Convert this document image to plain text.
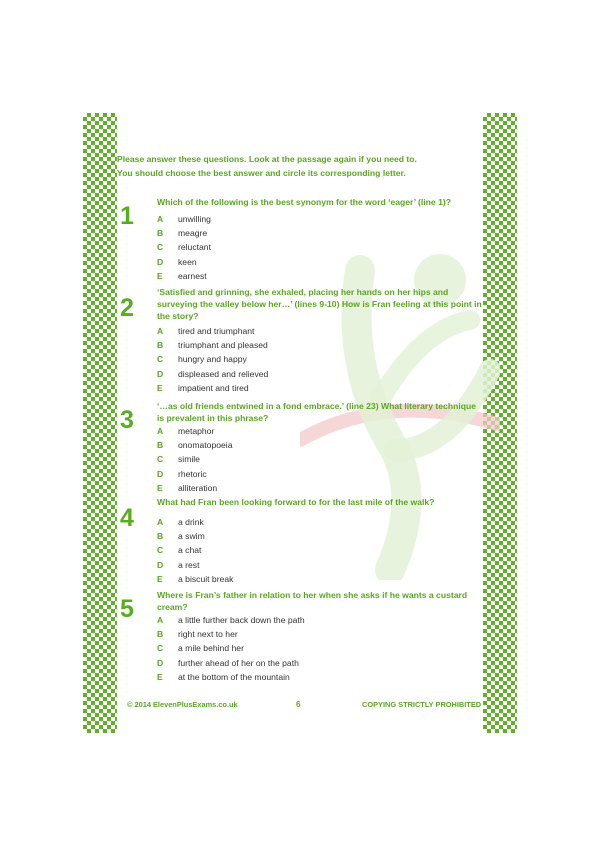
Please answer these questions. Look at the passage again if you need to.
You should choose the best answer and circle its corresponding letter.
1	Which of the following is the best synonym for the word ‘eager’ (line 1)?
A	unwilling
B	meagre
C	reluctant
D	keen
E	earnest
2
‘Satisfied and grinning, she exhaled, placing her hands on her hips and surveying the valley below her…’ (lines 9-10) How is Fran feeling at this point in the story?
A	tired and triumphant
B	triumphant and pleased
C	hungry and happy
D	displeased and relieved
E	impatient and tired
3	‘…as old friends entwined in a fond embrace.’ (line 23) What literary technique is prevalent in this phrase?
A	metaphor
B	onomatopoeia
C	simile
D	rhetoric
E	alliteration
4
What had Fran been looking forward to for the last mile of the walk?
A	a drink
B	a swim
C	a chat
D	a rest
E	a biscuit break
5	Where is Fran’s father in relation to her when she asks if he wants a custard cream?
A	a little further back down the path
B	right next to her
C	a mile behind her
D	further ahead of her on the path
E	at the bottom of the mountain
© 2014 ElevenPlusExams.co.uk	6	COPYING STRICTLY PROHIBITED
